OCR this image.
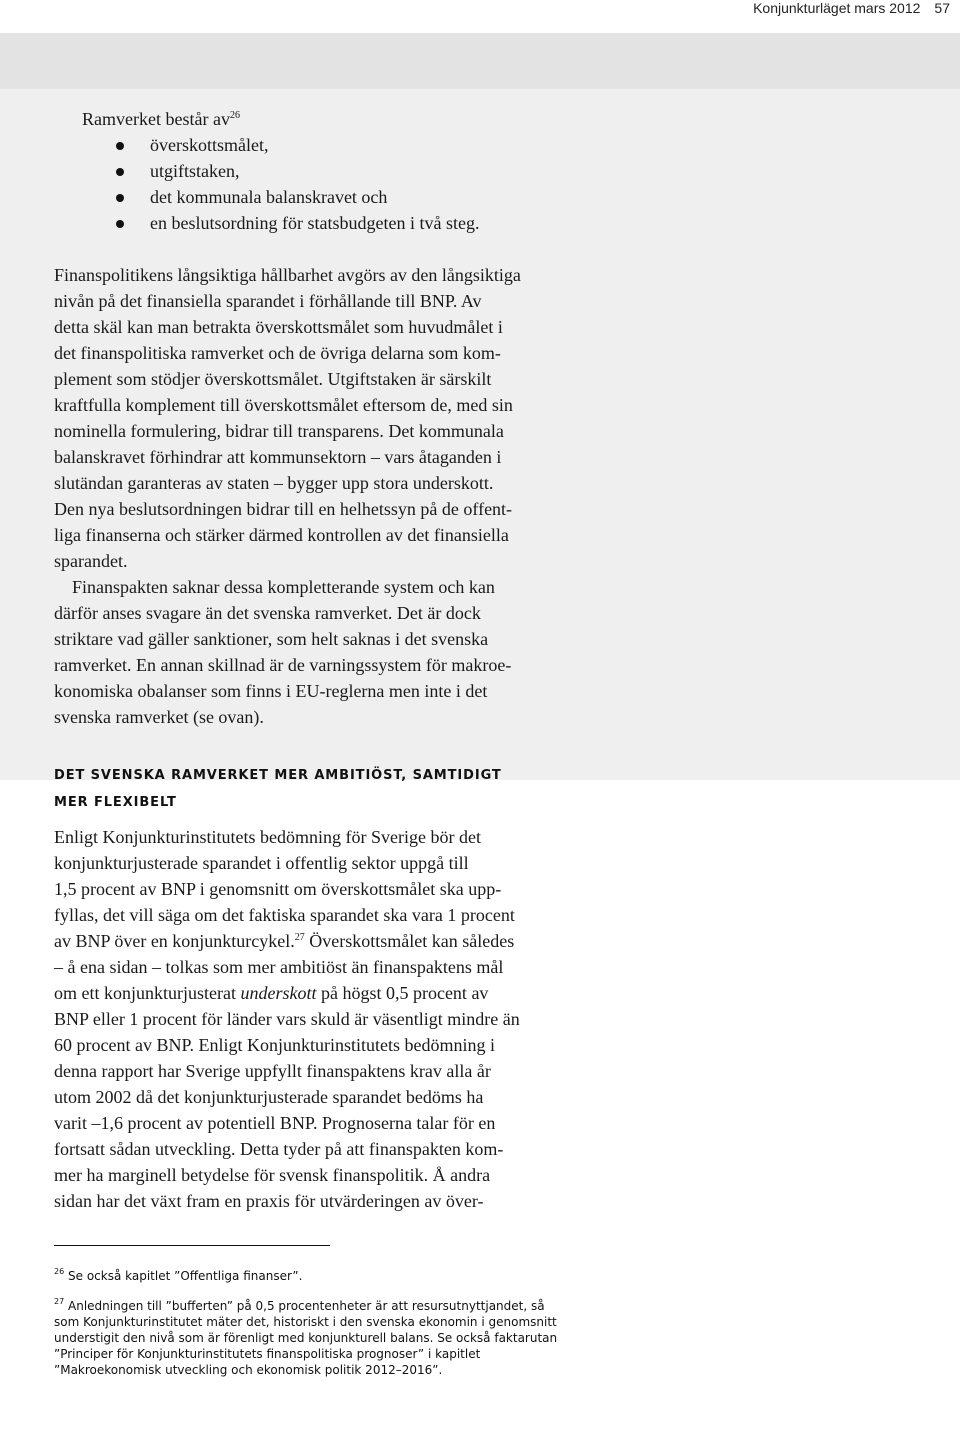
Konjunkturläget mars 2012 57
Ramverket består $av^{26}$
överskottsmålet,
utgiftstaken,
det kommunala balanskravet och
en beslutsordning för statsbudgeten i två steg.
Finanspolitikens långsiktiga hållbarhet avgörs av den långsiktiga
nivån på det finansiella sparandet i förhållande till BNP. Av
detta skäl kan man betrakta överskottsmålet som huvudmålet i
det finanspolitiska ramverket och de övriga delarna som kom-
plement som stödjer överskottsmålet. Utgiftstaken är särskilt
kraftfulla komplement till överskottsmålet eftersom de, med sin
nominella formulering, bidrar till transparens. Det kommunala
balanskravet förhindrar att kommunsektorn – vars åtaganden i
slutändan garanteras av staten – bygger upp stora underskott.
Den nya beslutsordningen bidrar till en helhetssyn på de offent-
liga finanserna och stärker därmed kontrollen av det finansiella
sparandet.
 Finanspakten saknar dessa kompletterande system och kan
därför anses svagare än det svenska ramverket. Det är dock
striktare vad gäller sanktioner, som helt saknas i det svenska
ramverket. En annan skillnad är de varningssystem för makroe-
konomiska obalanser som finns i EU-reglerna men inte i det
svenska ramverket (se ovan).
DET SVENSKA RAMVERKET MER AMBITIÖST, SAMTIDIGT
MER FLEXIBELT
Enligt Konjunkturinstitutets bedömning för Sverige bör det
konjunkturjusterade sparandet i offentlig sektor uppgå till
1,5 procent av BNP i genomsnitt om överskottsmålet ska upp-
fyllas, det vill säga om det faktiska sparandet ska vara 1 procent
av BNP över en konjunkturcykel.$^{27}$ Överskottsmålet kan således
– å ena sidan – tolkas som mer ambitiöst än finanspaktens mål
om ett konjunkturjusterat underskott på högst 0,5 procent av
BNP eller 1 procent för länder vars skuld är väsentligt mindre än
60 procent av BNP. Enligt Konjunkturinstitutets bedömning i
denna rapport har Sverige uppfyllt finanspaktens krav alla år
utom 2002 då det konjunkturjusterade sparandet bedöms ha
varit –1,6 procent av potentiell BNP. Prognoserna talar för en
fortsatt sådan utveckling. Detta tyder på att finanspakten kom-
mer ha marginell betydelse för svensk finanspolitik. Å andra
sidan har det växt fram en praxis för utvärderingen av över-
$^{26}$ Se också kapitlet ”Offentliga finanser”.
$^{27}$ Anledningen till ”bufferten” på 0,5 procentenheter är att resursutnyttjandet, så
som Konjunkturinstitutet mäter det, historiskt i den svenska ekonomin i genomsnitt
understigit den nivå som är förenligt med konjunkturell balans. Se också faktarutan
”Principer för Konjunkturinstitutets finanspolitiska prognoser” i kapitlet
”Makroekonomisk utveckling och ekonomisk politik 2012–2016”.
